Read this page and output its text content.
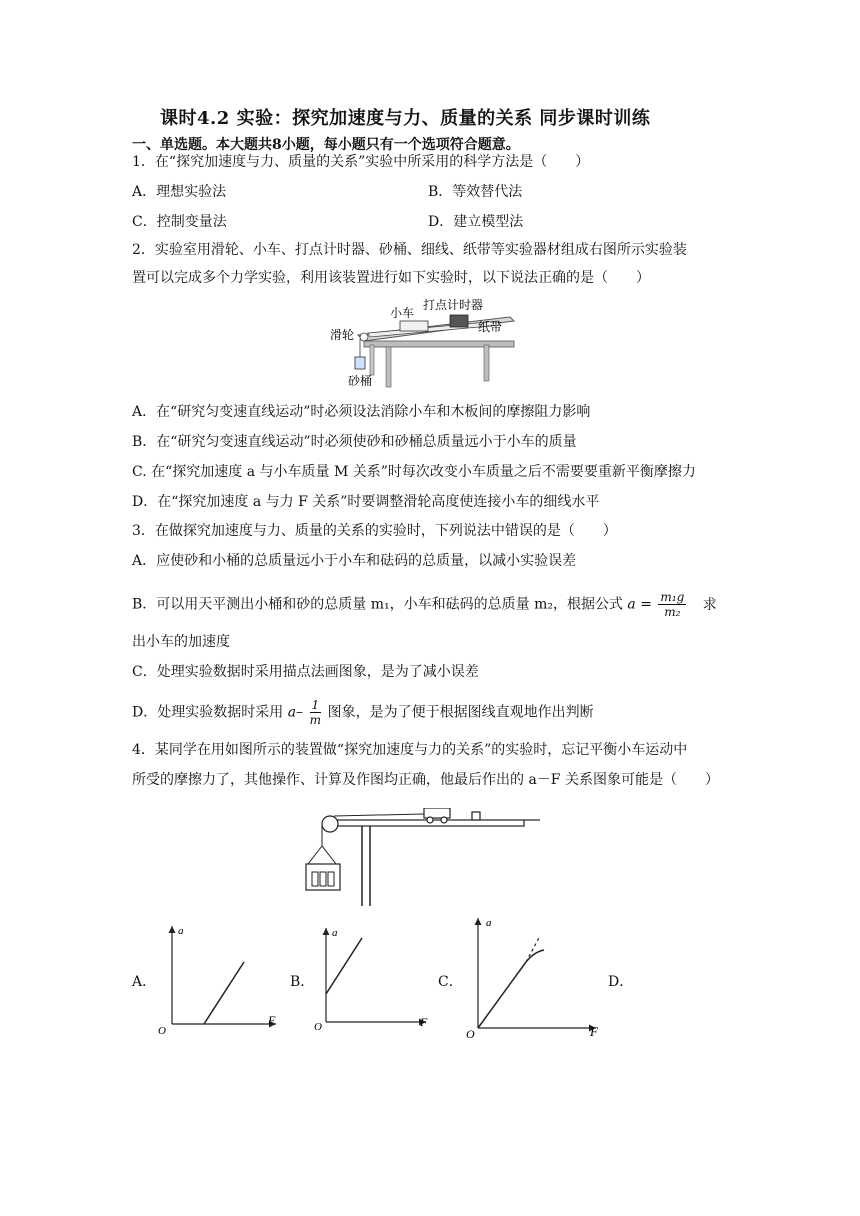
课时4.2 实验：探究加速度与力、质量的关系 同步课时训练
一、单选题。本大题共8小题，每小题只有一个选项符合题意。
1．在“探究加速度与力、质量的关系”实验中所采用的科学方法是（　　）
A．理想实验法	B．等效替代法
C．控制变量法	D．建立模型法
2．实验室用滑轮、小车、打点计时器、砂桶、细线、纸带等实验器材组成右图所示实验装
置可以完成多个力学实验，利用该装置进行如下实验时，以下说法正确的是（　　）
小车
打点计时器
滑轮
纸带
砂桶
A．在“研究匀变速直线运动”时必须设法消除小车和木板间的摩擦阻力影响
B．在“研究匀变速直线运动”时必须使砂和砂桶总质量远小于小车的质量
C. 在“探究加速度 a 与小车质量 M 关系”时每次改变小车质量之后不需要要重新平衡摩擦力
D．在“探究加速度 a 与力 F 关系”时要调整滑轮高度使连接小车的细线水平
3．在做探究加速度与力、质量的关系的实验时，下列说法中错误的是（　　）
A．应使砂和小桶的总质量远小于小车和砝码的总质量，以减小实验误差
B．可以用天平测出小桶和砂的总质量 m₁，小车和砝码的总质量 m₂，根据公式 $a = \frac{\text{m₁g}}{\text{m₂}}$ 求
出小车的加速度
C．处理实验数据时采用描点法画图象，是为了减小误差
D．处理实验数据时采用 $a- \frac{1}{m}$ 图象，是为了便于根据图线直观地作出判断
4．某同学在用如图所示的装置做“探究加速度与力的关系”的实验时，忘记平衡小车运动中
所受的摩擦力了，其他操作、计算及作图均正确，他最后作出的 a－F 关系图象可能是（　　）
A．	B．	C．	D．
a
F
O
a
F
O
a
F
O
